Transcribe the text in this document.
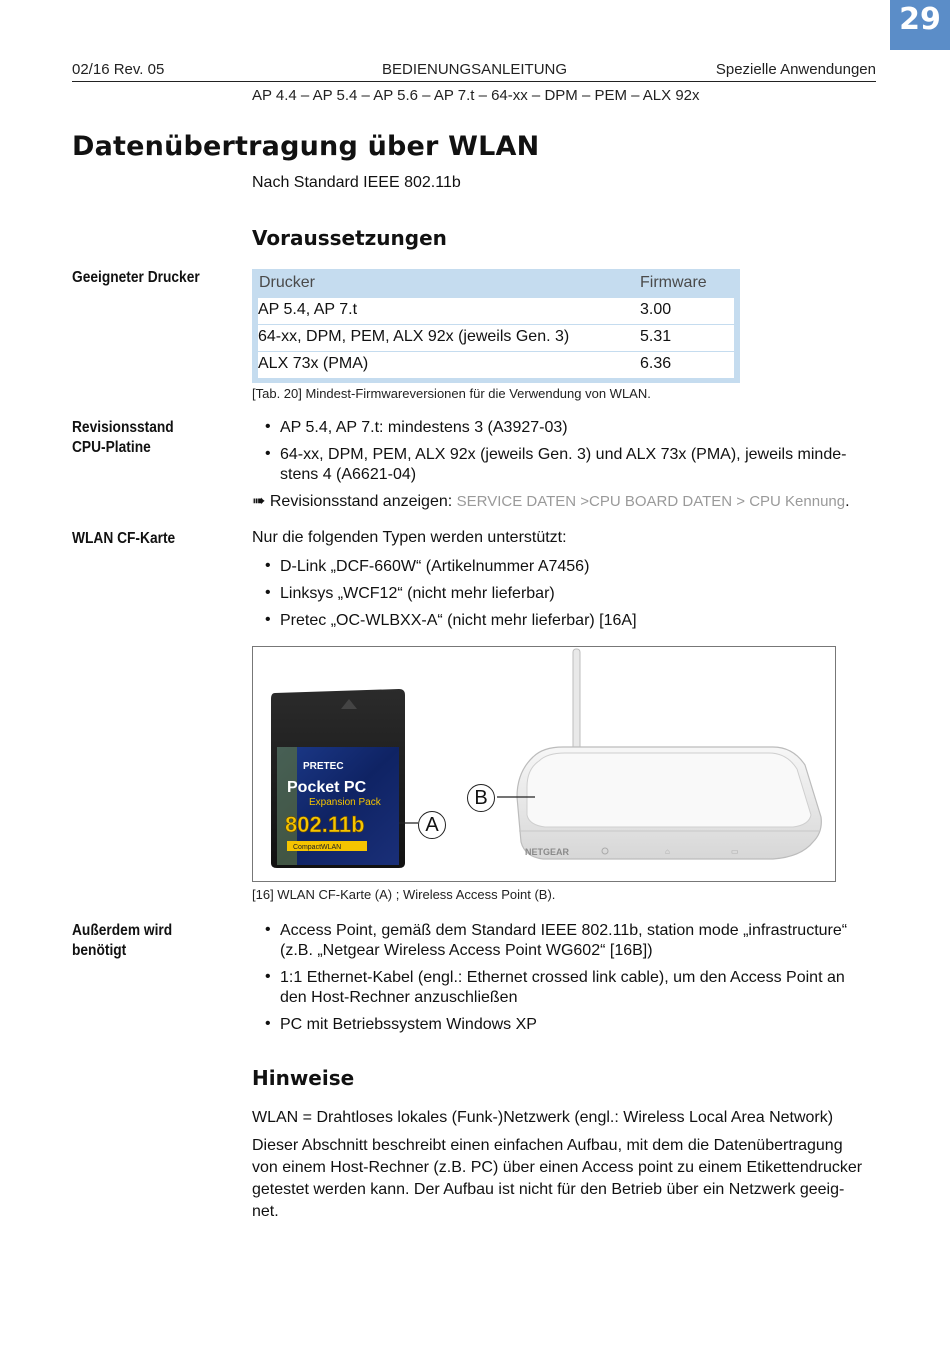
29
02/16 Rev. 05	BEDIENUNGSANLEITUNG	Spezielle Anwendungen
AP 4.4 – AP 5.4 – AP 5.6 – AP 7.t – 64-xx – DPM – PEM – ALX 92x
Datenübertragung über WLAN
Nach Standard IEEE 802.11b
Voraussetzungen
Geeigneter Drucker	Drucker	Firmware
AP 5.4, AP 7.t	3.00
64-xx, DPM, PEM, ALX 92x (jeweils Gen. 3)	5.31
ALX 73x (PMA)	6.36
[Tab. 20] Mindest-Firmwareversionen für die Verwendung von WLAN.
Revisionsstand
CPU-Platine
• AP 5.4, AP 7.t: mindestens 3 (A3927-03)
• 64-xx, DPM, PEM, ALX 92x (jeweils Gen. 3) und ALX 73x (PMA), jeweils minde-
stens 4 (A6621-04)
➠ Revisionsstand anzeigen: SERVICE DATEN >CPU BOARD DATEN > CPU Kennung.
WLAN CF-Karte	Nur die folgenden Typen werden unterstützt:
• D-Link „DCF-660W“ (Artikelnummer A7456)
• Linksys „WCF12“ (nicht mehr lieferbar)
• Pretec „OC-WLBXX-A“ (nicht mehr lieferbar) [16A]
PRETEC
Pocket PC
Expansion Pack
802.11b
CompactWLAN	NETGEAR	⌂	▭
A
B
[16] WLAN CF-Karte (A) ; Wireless Access Point (B).
Außerdem wird
benötigt
• Access Point, gemäß dem Standard IEEE 802.11b, station mode „infrastructure“
(z.B. „Netgear Wireless Access Point WG602“ [16B])
• 1:1 Ethernet-Kabel (engl.: Ethernet crossed link cable), um den Access Point an
den Host-Rechner anzuschließen
• PC mit Betriebssystem Windows XP
Hinweise
WLAN = Drahtloses lokales (Funk-)Netzwerk (engl.: Wireless Local Area Network)
Dieser Abschnitt beschreibt einen einfachen Aufbau, mit dem die Datenübertragung
von einem Host-Rechner (z.B. PC) über einen Access point zu einem Etikettendrucker
getestet werden kann. Der Aufbau ist nicht für den Betrieb über ein Netzwerk geeig-
net.
